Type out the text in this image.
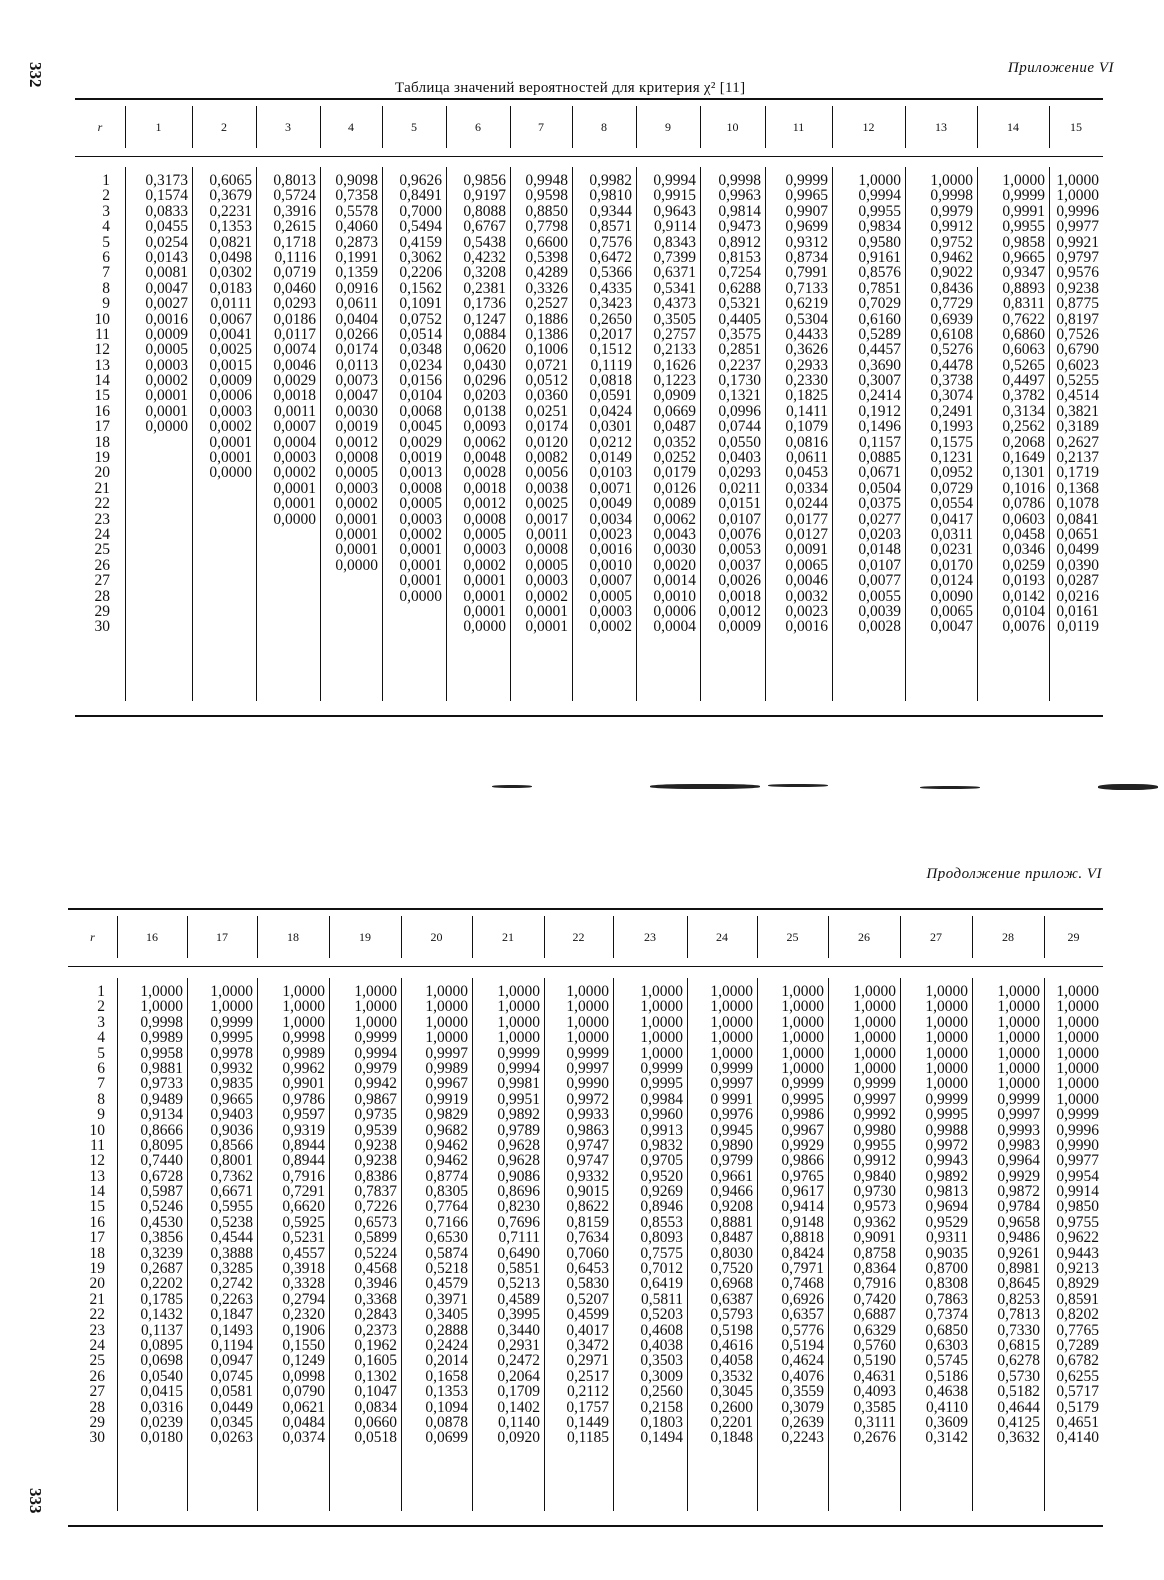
332
333
Таблица значений вероятностей для критерия χ² [11]
Приложение VI
Продолжение прилож. VI
r
1
2
3
4
5
6
7
8
9
10
11
12
13
14
15
16
17
18
19
20
21
22
23
24
25
26
27
28
29
30
1
0,3173
0,1574
0,0833
0,0455
0,0254
0,0143
0,0081
0,0047
0,0027
0,0016
0,0009
0,0005
0,0003
0,0002
0,0001
0,0001
0,0000
2
0,6065
0,3679
0,2231
0,1353
0,0821
0,0498
0,0302
0,0183
0,0111
0,0067
0,0041
0,0025
0,0015
0,0009
0,0006
0,0003
0,0002
0,0001
0,0001
0,0000
3
0,8013
0,5724
0,3916
0,2615
0,1718
0,1116
0,0719
0,0460
0,0293
0,0186
0,0117
0,0074
0,0046
0,0029
0,0018
0,0011
0,0007
0,0004
0,0003
0,0002
0,0001
0,0001
0,0000
4
0,9098
0,7358
0,5578
0,4060
0,2873
0,1991
0,1359
0,0916
0,0611
0,0404
0,0266
0,0174
0,0113
0,0073
0,0047
0,0030
0,0019
0,0012
0,0008
0,0005
0,0003
0,0002
0,0001
0,0001
0,0001
0,0000
5
0,9626
0,8491
0,7000
0,5494
0,4159
0,3062
0,2206
0,1562
0,1091
0,0752
0,0514
0,0348
0,0234
0,0156
0,0104
0,0068
0,0045
0,0029
0,0019
0,0013
0,0008
0,0005
0,0003
0,0002
0,0001
0,0001
0,0001
0,0000
6
0,9856
0,9197
0,8088
0,6767
0,5438
0,4232
0,3208
0,2381
0,1736
0,1247
0,0884
0,0620
0,0430
0,0296
0,0203
0,0138
0,0093
0,0062
0,0048
0,0028
0,0018
0,0012
0,0008
0,0005
0,0003
0,0002
0,0001
0,0001
0,0001
0,0000
7
0,9948
0,9598
0,8850
0,7798
0,6600
0,5398
0,4289
0,3326
0,2527
0,1886
0,1386
0,1006
0,0721
0,0512
0,0360
0,0251
0,0174
0,0120
0,0082
0,0056
0,0038
0,0025
0,0017
0,0011
0,0008
0,0005
0,0003
0,0002
0,0001
0,0001
8
0,9982
0,9810
0,9344
0,8571
0,7576
0,6472
0,5366
0,4335
0,3423
0,2650
0,2017
0,1512
0,1119
0,0818
0,0591
0,0424
0,0301
0,0212
0,0149
0,0103
0,0071
0,0049
0,0034
0,0023
0,0016
0,0010
0,0007
0,0005
0,0003
0,0002
9
0,9994
0,9915
0,9643
0,9114
0,8343
0,7399
0,6371
0,5341
0,4373
0,3505
0,2757
0,2133
0,1626
0,1223
0,0909
0,0669
0,0487
0,0352
0,0252
0,0179
0,0126
0,0089
0,0062
0,0043
0,0030
0,0020
0,0014
0,0010
0,0006
0,0004
10
0,9998
0,9963
0,9814
0,9473
0,8912
0,8153
0,7254
0,6288
0,5321
0,4405
0,3575
0,2851
0,2237
0,1730
0,1321
0,0996
0,0744
0,0550
0,0403
0,0293
0,0211
0,0151
0,0107
0,0076
0,0053
0,0037
0,0026
0,0018
0,0012
0,0009
11
0,9999
0,9965
0,9907
0,9699
0,9312
0,8734
0,7991
0,7133
0,6219
0,5304
0,4433
0,3626
0,2933
0,2330
0,1825
0,1411
0,1079
0,0816
0,0611
0,0453
0,0334
0,0244
0,0177
0,0127
0,0091
0,0065
0,0046
0,0032
0,0023
0,0016
12
1,0000
0,9994
0,9955
0,9834
0,9580
0,9161
0,8576
0,7851
0,7029
0,6160
0,5289
0,4457
0,3690
0,3007
0,2414
0,1912
0,1496
0,1157
0,0885
0,0671
0,0504
0,0375
0,0277
0,0203
0,0148
0,0107
0,0077
0,0055
0,0039
0,0028
13
1,0000
0,9998
0,9979
0,9912
0,9752
0,9462
0,9022
0,8436
0,7729
0,6939
0,6108
0,5276
0,4478
0,3738
0,3074
0,2491
0,1993
0,1575
0,1231
0,0952
0,0729
0,0554
0,0417
0,0311
0,0231
0,0170
0,0124
0,0090
0,0065
0,0047
14
1,0000
0,9999
0,9991
0,9955
0,9858
0,9665
0,9347
0,8893
0,8311
0,7622
0,6860
0,6063
0,5265
0,4497
0,3782
0,3134
0,2562
0,2068
0,1649
0,1301
0,1016
0,0786
0,0603
0,0458
0,0346
0,0259
0,0193
0,0142
0,0104
0,0076
15
1,0000
1,0000
0,9996
0,9977
0,9921
0,9797
0,9576
0,9238
0,8775
0,8197
0,7526
0,6790
0,6023
0,5255
0,4514
0,3821
0,3189
0,2627
0,2137
0,1719
0,1368
0,1078
0,0841
0,0651
0,0499
0,0390
0,0287
0,0216
0,0161
0,0119
r
1
2
3
4
5
6
7
8
9
10
11
12
13
14
15
16
17
18
19
20
21
22
23
24
25
26
27
28
29
30
16
1,0000
1,0000
0,9998
0,9989
0,9958
0,9881
0,9733
0,9489
0,9134
0,8666
0,8095
0,7440
0,6728
0,5987
0,5246
0,4530
0,3856
0,3239
0,2687
0,2202
0,1785
0,1432
0,1137
0,0895
0,0698
0,0540
0,0415
0,0316
0,0239
0,0180
17
1,0000
1,0000
0,9999
0,9995
0,9978
0,9932
0,9835
0,9665
0,9403
0,9036
0,8566
0,8001
0,7362
0,6671
0,5955
0,5238
0,4544
0,3888
0,3285
0,2742
0,2263
0,1847
0,1493
0,1194
0,0947
0,0745
0,0581
0,0449
0,0345
0,0263
18
1,0000
1,0000
1,0000
0,9998
0,9989
0,9962
0,9901
0,9786
0,9597
0,9319
0,8944
0,8944
0,7916
0,7291
0,6620
0,5925
0,5231
0,4557
0,3918
0,3328
0,2794
0,2320
0,1906
0,1550
0,1249
0,0998
0,0790
0,0621
0,0484
0,0374
19
1,0000
1,0000
1,0000
0,9999
0,9994
0,9979
0,9942
0,9867
0,9735
0,9539
0,9238
0,9238
0,8386
0,7837
0,7226
0,6573
0,5899
0,5224
0,4568
0,3946
0,3368
0,2843
0,2373
0,1962
0,1605
0,1302
0,1047
0,0834
0,0660
0,0518
20
1,0000
1,0000
1,0000
1,0000
0,9997
0,9989
0,9967
0,9919
0,9829
0,9682
0,9462
0,9462
0,8774
0,8305
0,7764
0,7166
0,6530
0,5874
0,5218
0,4579
0,3971
0,3405
0,2888
0,2424
0,2014
0,1658
0,1353
0,1094
0,0878
0,0699
21
1,0000
1,0000
1,0000
1,0000
0,9999
0,9994
0,9981
0,9951
0,9892
0,9789
0,9628
0,9628
0,9086
0,8696
0,8230
0,7696
0,7111
0,6490
0,5851
0,5213
0,4589
0,3995
0,3440
0,2931
0,2472
0,2064
0,1709
0,1402
0,1140
0,0920
22
1,0000
1,0000
1,0000
1,0000
0,9999
0,9997
0,9990
0,9972
0,9933
0,9863
0,9747
0,9747
0,9332
0,9015
0,8622
0,8159
0,7634
0,7060
0,6453
0,5830
0,5207
0,4599
0,4017
0,3472
0,2971
0,2517
0,2112
0,1757
0,1449
0,1185
23
1,0000
1,0000
1,0000
1,0000
1,0000
0,9999
0,9995
0,9984
0,9960
0,9913
0,9832
0,9705
0,9520
0,9269
0,8946
0,8553
0,8093
0,7575
0,7012
0,6419
0,5811
0,5203
0,4608
0,4038
0,3503
0,3009
0,2560
0,2158
0,1803
0,1494
24
1,0000
1,0000
1,0000
1,0000
1,0000
0,9999
0,9997
0 9991
0,9976
0,9945
0,9890
0,9799
0,9661
0,9466
0,9208
0,8881
0,8487
0,8030
0,7520
0,6968
0,6387
0,5793
0,5198
0,4616
0,4058
0,3532
0,3045
0,2600
0,2201
0,1848
25
1,0000
1,0000
1,0000
1,0000
1,0000
1,0000
0,9999
0,9995
0,9986
0,9967
0,9929
0,9866
0,9765
0,9617
0,9414
0,9148
0,8818
0,8424
0,7971
0,7468
0,6926
0,6357
0,5776
0,5194
0,4624
0,4076
0,3559
0,3079
0,2639
0,2243
26
1,0000
1,0000
1,0000
1,0000
1,0000
1,0000
0,9999
0,9997
0,9992
0,9980
0,9955
0,9912
0,9840
0,9730
0,9573
0,9362
0,9091
0,8758
0,8364
0,7916
0,7420
0,6887
0,6329
0,5760
0,5190
0,4631
0,4093
0,3585
0,3111
0,2676
27
1,0000
1,0000
1,0000
1,0000
1,0000
1,0000
1,0000
0,9999
0,9995
0,9988
0,9972
0,9943
0,9892
0,9813
0,9694
0,9529
0,9311
0,9035
0,8700
0,8308
0,7863
0,7374
0,6850
0,6303
0,5745
0,5186
0,4638
0,4110
0,3609
0,3142
28
1,0000
1,0000
1,0000
1,0000
1,0000
1,0000
1,0000
0,9999
0,9997
0,9993
0,9983
0,9964
0,9929
0,9872
0,9784
0,9658
0,9486
0,9261
0,8981
0,8645
0,8253
0,7813
0,7330
0,6815
0,6278
0,5730
0,5182
0,4644
0,4125
0,3632
29
1,0000
1,0000
1,0000
1,0000
1,0000
1,0000
1,0000
1,0000
0,9999
0,9996
0,9990
0,9977
0,9954
0,9914
0,9850
0,9755
0,9622
0,9443
0,9213
0,8929
0,8591
0,8202
0,7765
0,7289
0,6782
0,6255
0,5717
0,5179
0,4651
0,4140
